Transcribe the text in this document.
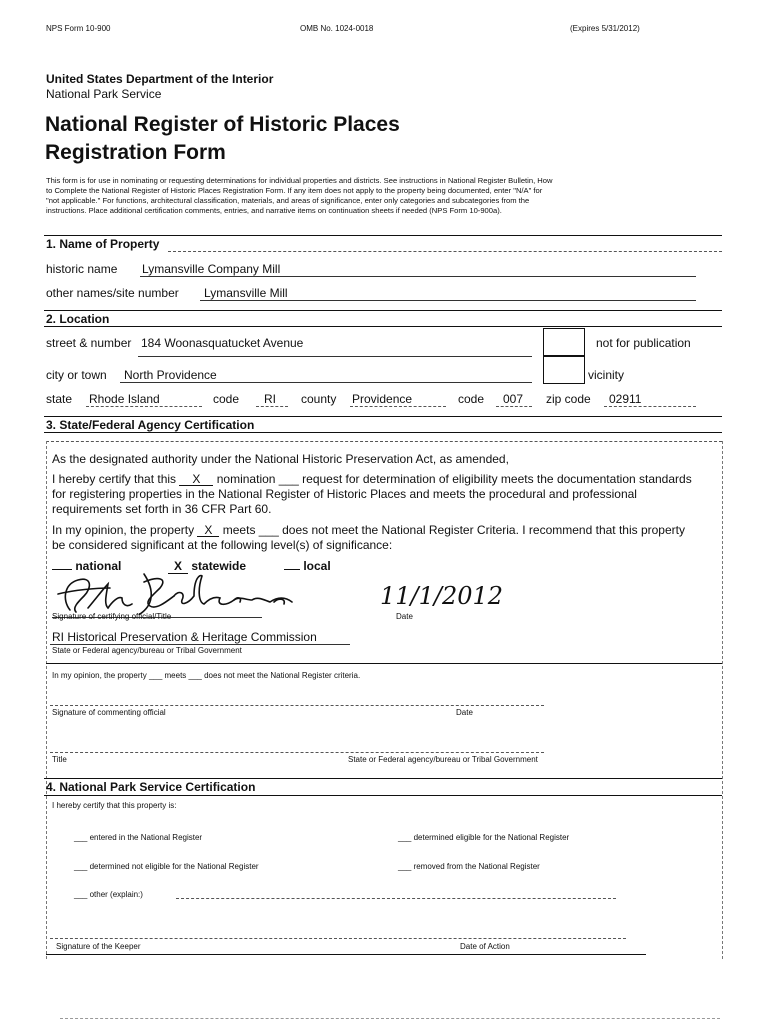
NPS Form 10-900	OMB No. 1024-0018	(Expires 5/31/2012)
United States Department of the Interior
National Park Service
National Register of Historic Places
Registration Form
This form is for use in nominating or requesting determinations for individual properties and districts. See instructions in National Register Bulletin, How
to Complete the National Register of Historic Places Registration Form. If any item does not apply to the property being documented, enter "N/A" for
"not applicable." For functions, architectural classification, materials, and areas of significance, enter only categories and subcategories from the
instructions. Place additional certification comments, entries, and narrative items on continuation sheets if needed (NPS Form 10-900a).
1. Name of Property
historic name Lymansville Company Mill
other names/site number Lymansville Mill
2. Location
street & number 184 Woonasquatucket Avenue	not for publication
city or town North Providence	vicinity
state Rhode Island	code RI county Providence	code 007 zip code 02911
3. State/Federal Agency Certification
As the designated authority under the National Historic Preservation Act, as amended,
I hereby certify that this X nomination ___ request for determination of eligibility meets the documentation standards
for registering properties in the National Register of Historic Places and meets the procedural and professional
requirements set forth in 36 CFR Part 60.
In my opinion, the property X meets ___ does not meet the National Register Criteria. I recommend that this property
be considered significant at the following level(s) of significance:
national	X statewide	local
Signature of certifying official/Title
11/1/2012
Date
RI Historical Preservation & Heritage Commission
State or Federal agency/bureau or Tribal Government
In my opinion, the property ___ meets ___ does not meet the National Register criteria.
Signature of commenting official	Date
Title	State or Federal agency/bureau or Tribal Government
4. National Park Service Certification
I hereby certify that this property is:
___ entered in the National Register	___ determined eligible for the National Register
___ determined not eligible for the National Register	___ removed from the National Register
___ other (explain:)
Signature of the Keeper	Date of Action
